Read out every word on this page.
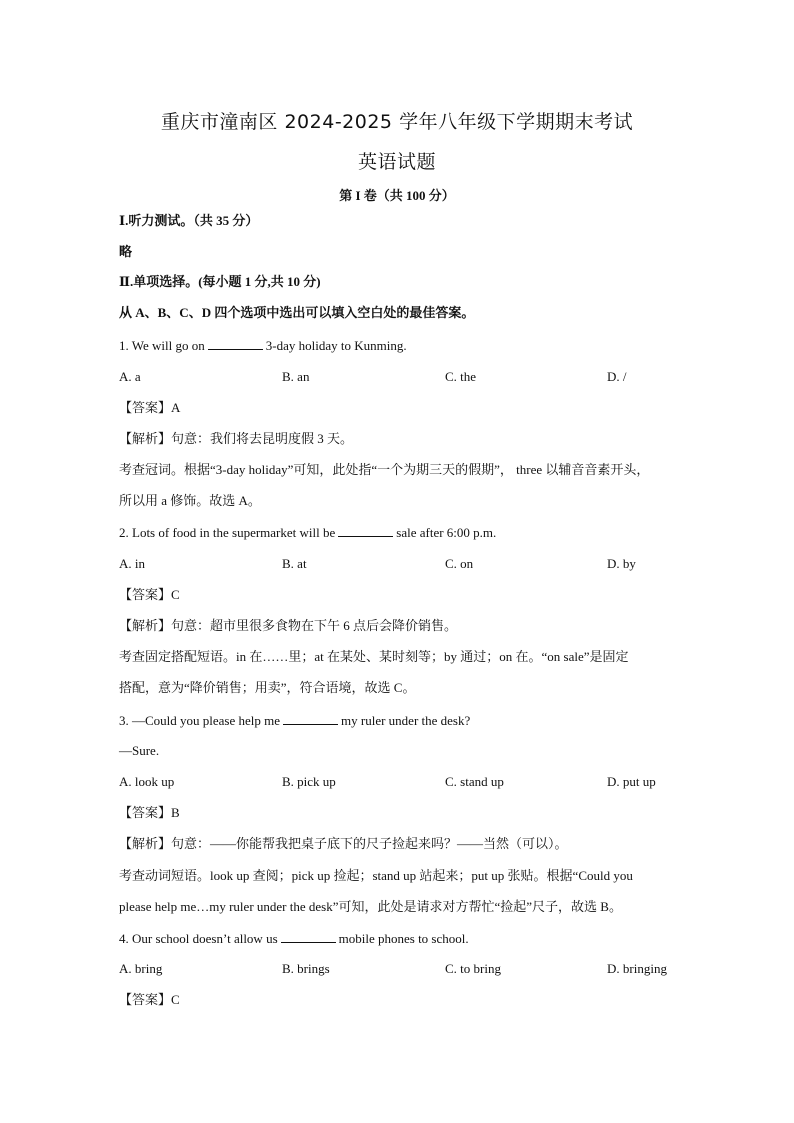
重庆市潼南区 2024-2025 学年八年级下学期期末考试
英语试题
第 I 卷（共 100 分）
Ⅰ.听力测试。（共 35 分）
略
Ⅱ.单项选择。(每小题 1 分,共 10 分)
从 A、B、C、D 四个选项中选出可以填入空白处的最佳答案。
1. We will go on	3-day holiday to Kunming.
A. a	B. an	C. the	D. /
【答案】A
【解析】句意：我们将去昆明度假 3 天。
考查冠词。根据“3-day holiday”可知，此处指“一个为期三天的假期”， three 以辅音音素开头，
所以用 a 修饰。故选 A。
2. Lots of food in the supermarket will be	sale after 6:00 p.m.
A. in	B. at	C. on	D. by
【答案】C
【解析】句意：超市里很多食物在下午 6 点后会降价销售。
考查固定搭配短语。in 在……里；at 在某处、某时刻等；by 通过；on 在。“on sale”是固定
搭配，意为“降价销售；用卖”，符合语境，故选 C。
3. —Could you please help me	my ruler under the desk?
—Sure.
A. look up	B. pick up	C. stand up	D. put up
【答案】B
【解析】句意：——你能帮我把桌子底下的尺子捡起来吗？——当然（可以）。
考查动词短语。look up 查阅；pick up 捡起；stand up 站起来；put up 张贴。根据“Could you
please help me…my ruler under the desk”可知，此处是请求对方帮忙“捡起”尺子，故选 B。
4. Our school doesn’t allow us	mobile phones to school.
A. bring	B. brings	C. to bring	D. bringing
【答案】C
